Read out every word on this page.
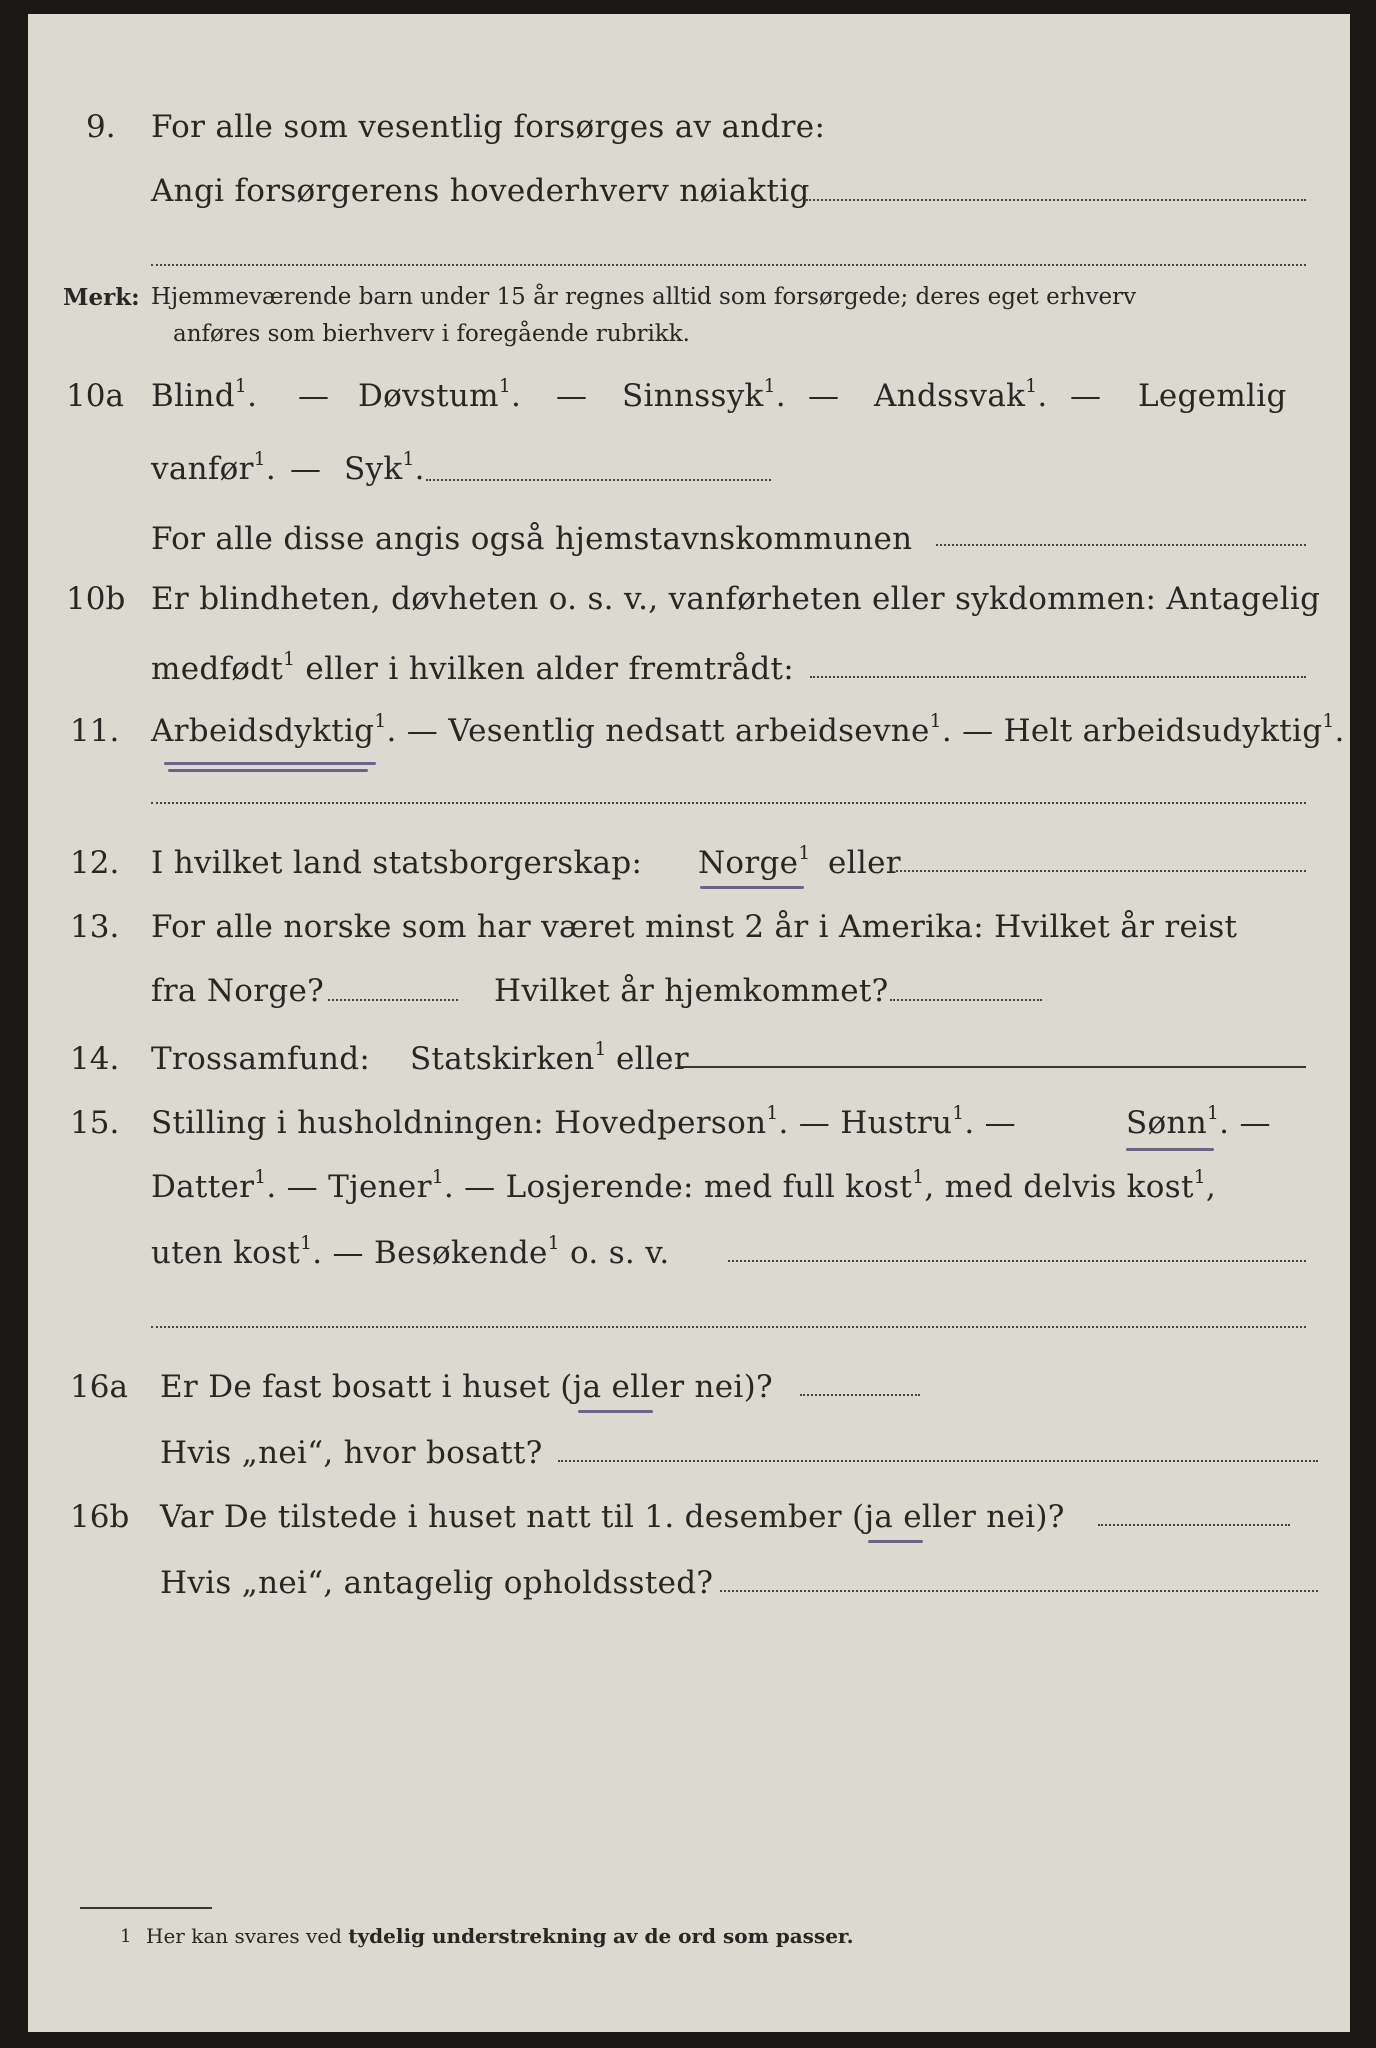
9. For alle som vesentlig forsørges av andre:
Angi forsørgerens hovederhverv nøiaktig
Merk: Hjemmeværende barn under 15 år regnes alltid som forsørgede; deres eget erhverv
anføres som bierhverv i foregående rubrikk.
10a Blind$^1$. — Døvstum$^1$. — Sinnssyk$^1$. — Andssvak$^1$. — Legemlig
vanfør$^1$. — Syk$^1$.
For alle disse angis også hjemstavnskommunen
10b Er blindheten, døvheten o. s. v., vanførheten eller sykdommen: Antagelig
medfødt$^1$ eller i hvilken alder fremtrådt:
11. Arbeidsdyktig$^1$. — Vesentlig nedsatt arbeidsevne$^1$. — Helt arbeidsudyktig$^1$.
12. I hvilket land statsborgerskap: Norge$^1$ eller
13. For alle norske som har været minst 2 år i Amerika: Hvilket år reist
fra Norge?	Hvilket år hjemkommet?
14. Trossamfund: Statskirken$^1$ eller
15. Stilling i husholdningen: Hovedperson$^1$. — Hustru$^1$. —	Sønn$^1$. —
Datter$^1$. — Tjener$^1$. — Losjerende: med full kost$^1$, med delvis kost$^1$,
uten kost$^1$. — Besøkende$^1$ o. s. v.
16a Er De fast bosatt i huset (ja eller nei)?
Hvis „nei“, hvor bosatt?
16b Var De tilstede i huset natt til 1. desember (ja eller nei)?
Hvis „nei“, antagelig opholdssted?
1 Her kan svares ved tydelig understrekning av de ord som passer.
